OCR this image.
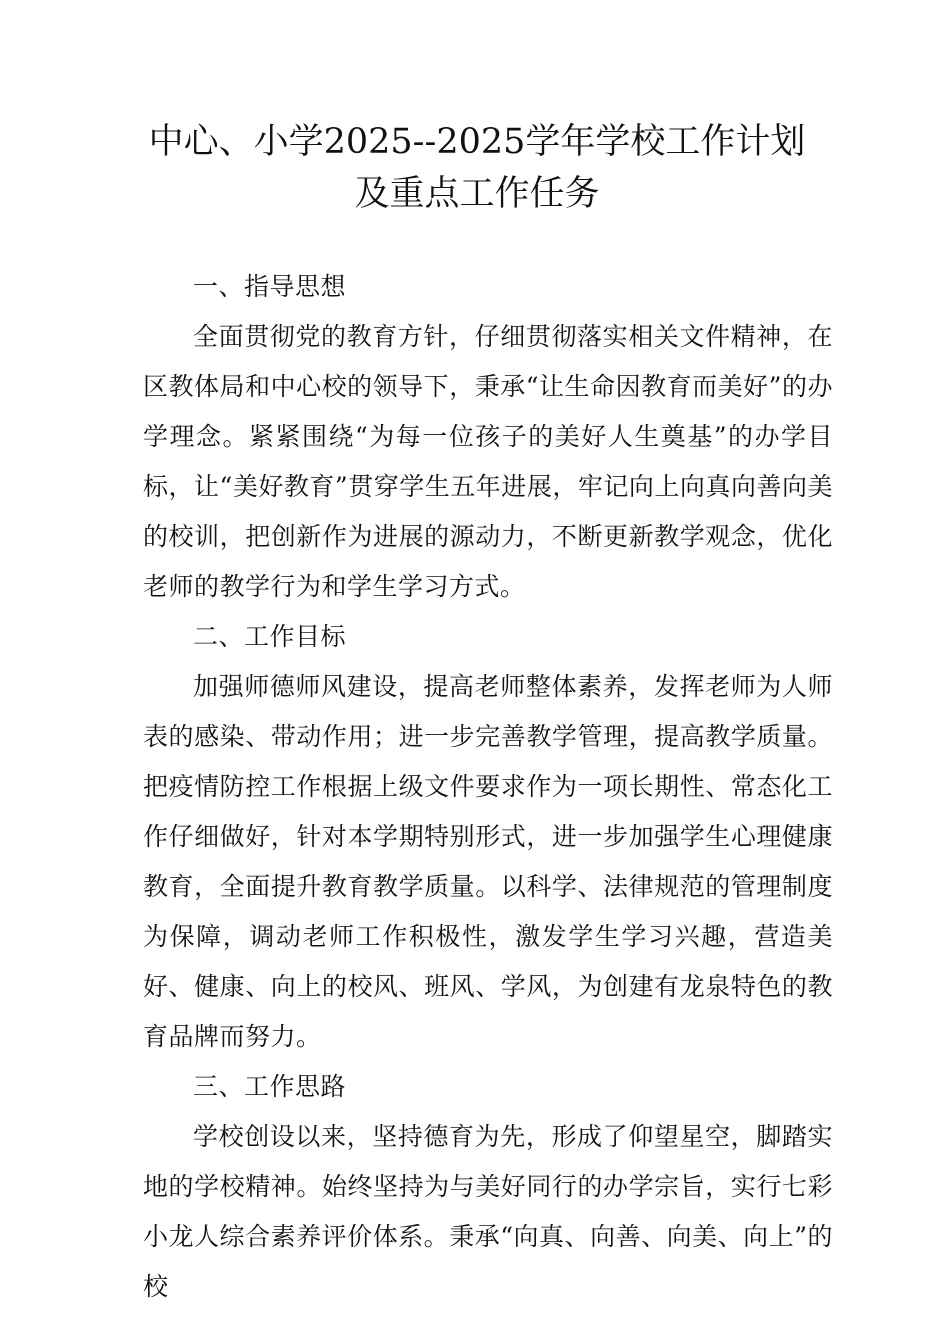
中心、小学2025--2025学年学校工作计划及重点工作任务

一、指导思想

全面贯彻党的教育方针，仔细贯彻落实相关文件精神，在区教体局和中心校的领导下，秉承“让生命因教育而美好”的办学理念。紧紧围绕“为每一位孩子的美好人生奠基”的办学目标，让“美好教育”贯穿学生五年进展，牢记向上向真向善向美的校训，把创新作为进展的源动力，不断更新教学观念，优化老师的教学行为和学生学习方式。

二、工作目标

加强师德师风建设，提高老师整体素养，发挥老师为人师表的感染、带动作用；进一步完善教学管理，提高教学质量。把疫情防控工作根据上级文件要求作为一项长期性、常态化工作仔细做好，针对本学期特别形式，进一步加强学生心理健康教育，全面提升教育教学质量。以科学、法律规范的管理制度为保障，调动老师工作积极性，激发学生学习兴趣，营造美好、健康、向上的校风、班风、学风，为创建有龙泉特色的教育品牌而努力。

三、工作思路

学校创设以来，坚持德育为先，形成了仰望星空，脚踏实地的学校精神。始终坚持为与美好同行的办学宗旨，实行七彩小龙人综合素养评价体系。秉承“向真、向善、向美、向上”的校
